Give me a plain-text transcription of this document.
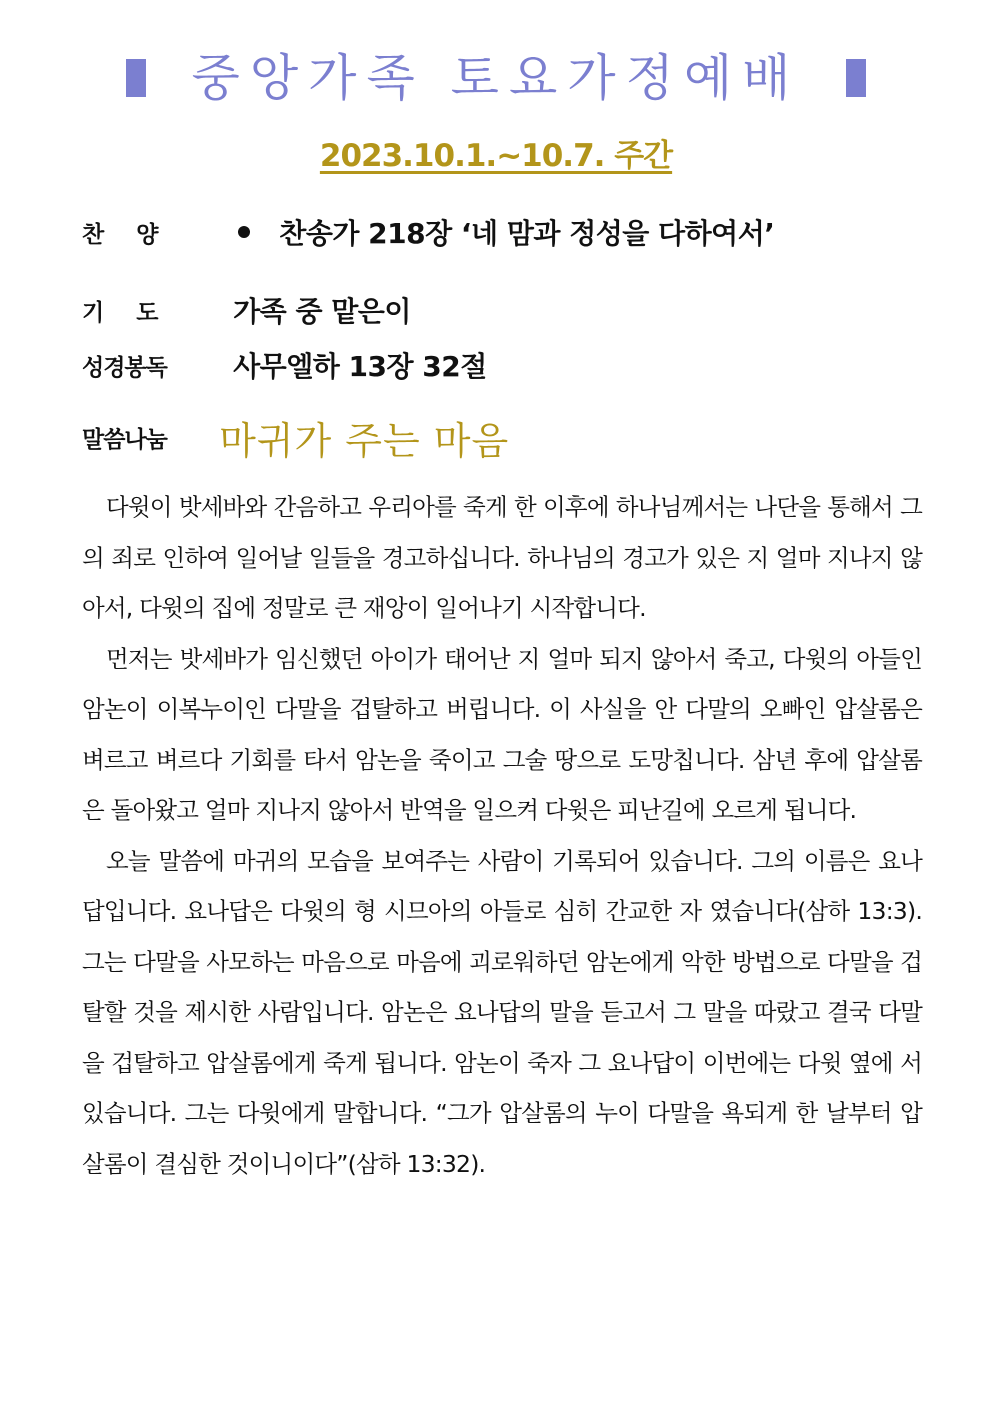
중앙가족 토요가정예배
2023.10.1.~10.7. 주간
찬    양	찬송가 218장 ‘네 맘과 정성을 다하여서’
기    도	가족 중 맡은이
성경봉독 사무엘하 13장 32절
말씀나눔 마귀가 주는 마음

다윗이 밧세바와 간음하고 우리아를 죽게 한 이후에 하나님께서는 나단을 통해서 그의 죄로 인하여 일어날 일들을 경고하십니다. 하나님의 경고가 있은 지 얼마 지나지 않아서, 다윗의 집에 정말로 큰 재앙이 일어나기 시작합니다.

먼저는 밧세바가 임신했던 아이가 태어난 지 얼마 되지 않아서 죽고, 다윗의 아들인 암논이 이복누이인 다말을 겁탈하고 버립니다. 이 사실을 안 다말의 오빠인 압살롬은 벼르고 벼르다 기회를 타서 암논을 죽이고 그술 땅으로 도망칩니다. 삼년 후에 압살롬은 돌아왔고 얼마 지나지 않아서 반역을 일으켜 다윗은 피난길에 오르게 됩니다.

오늘 말씀에 마귀의 모습을 보여주는 사람이 기록되어 있습니다. 그의 이름은 요나답입니다. 요나답은 다윗의 형 시므아의 아들로 심히 간교한 자 였습니다(삼하 13:3). 그는 다말을 사모하는 마음으로 마음에 괴로워하던 암논에게 악한 방법으로 다말을 겁탈할 것을 제시한 사람입니다. 암논은 요나답의 말을 듣고서 그 말을 따랐고 결국 다말을 겁탈하고 압살롬에게 죽게 됩니다. 암논이 죽자 그 요나답이 이번에는 다윗 옆에 서 있습니다. 그는 다윗에게 말합니다. “그가 압살롬의 누이 다말을 욕되게 한 날부터 압살롬이 결심한 것이니이다”(삼하 13:32).
